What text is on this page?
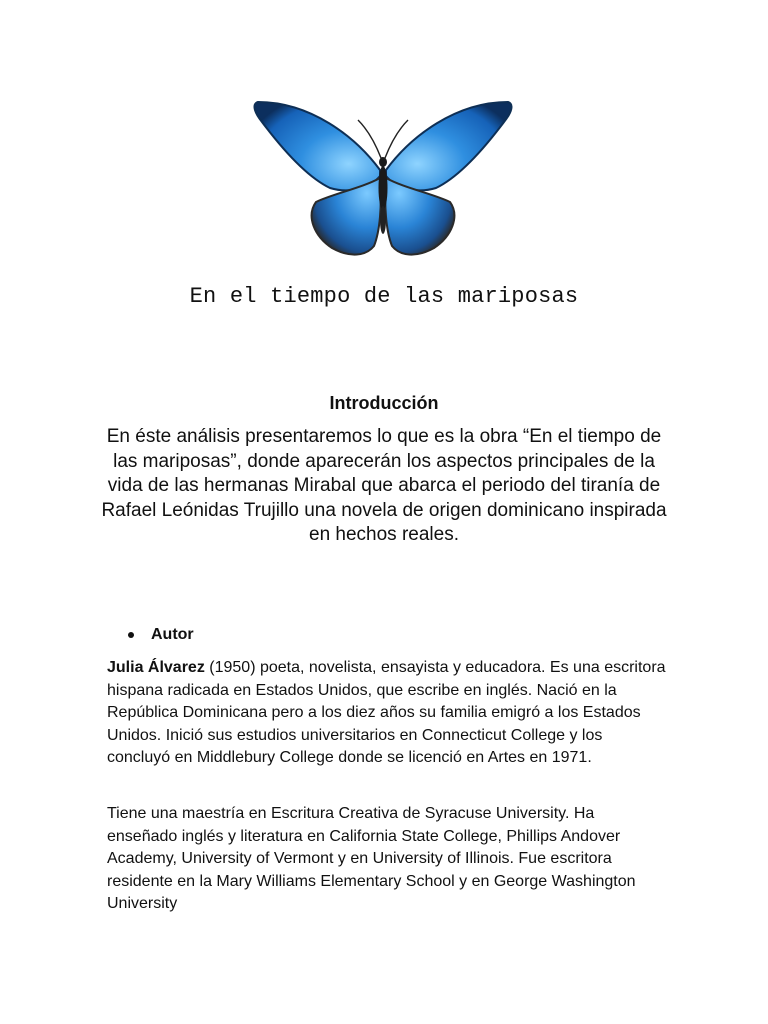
En el tiempo de las mariposas
Introducción
En éste análisis presentaremos lo que es la obra “En el tiempo de las mariposas”, donde aparecerán los aspectos principales de la vida de las hermanas Mirabal que abarca el periodo del tiranía de Rafael Leónidas Trujillo una novela de origen dominicano inspirada en hechos reales.
Autor
Julia Álvarez (1950) poeta, novelista, ensayista y educadora. Es una escritora hispana radicada en Estados Unidos, que escribe en inglés. Nació en la República Dominicana pero a los diez años su familia emigró a los Estados Unidos. Inició sus estudios universitarios en Connecticut College y los concluyó en Middlebury College donde se licenció en Artes en 1971.
Tiene una maestría en Escritura Creativa de Syracuse University. Ha enseñado inglés y literatura en California State College, Phillips Andover Academy, University of Vermont y en University of Illinois. Fue escritora residente en la Mary Williams Elementary School y en George Washington University
